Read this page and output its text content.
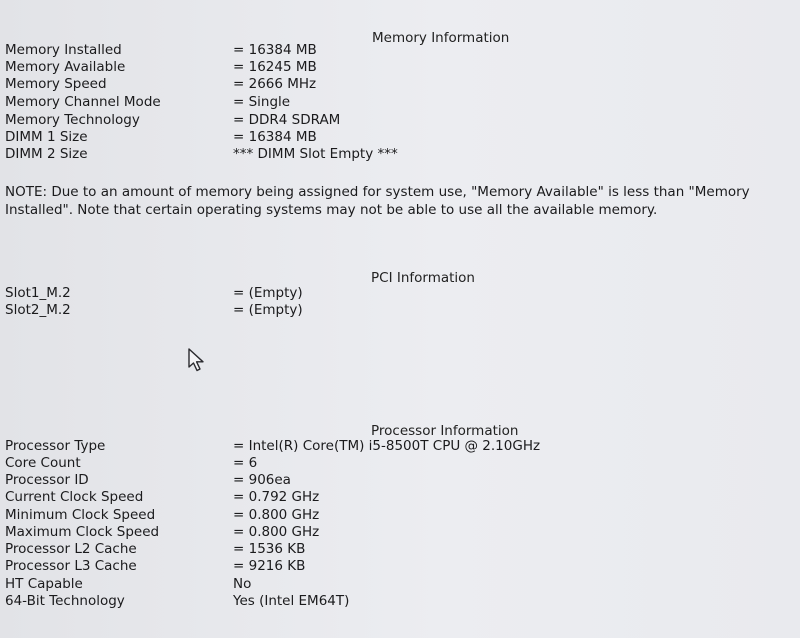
Memory Information
Memory Installed	= 16384 MB
Memory Available	= 16245 MB
Memory Speed	= 2666 MHz
Memory Channel Mode	= Single
Memory Technology	= DDR4 SDRAM
DIMM 1 Size	= 16384 MB
DIMM 2 Size	*** DIMM Slot Empty ***
NOTE: Due to an amount of memory being assigned for system use, "Memory Available" is less than "Memory Installed". Note that certain operating systems may not be able to use all the available memory.
PCI Information
Slot1_M.2	= (Empty)
Slot2_M.2	= (Empty)
Processor Information
Processor Type	= Intel(R) Core(TM) i5-8500T CPU @ 2.10GHz
Core Count	= 6
Processor ID	= 906ea
Current Clock Speed	= 0.792 GHz
Minimum Clock Speed	= 0.800 GHz
Maximum Clock Speed	= 0.800 GHz
Processor L2 Cache	= 1536 KB
Processor L3 Cache	= 9216 KB
HT Capable	No
64-Bit Technology	Yes (Intel EM64T)
